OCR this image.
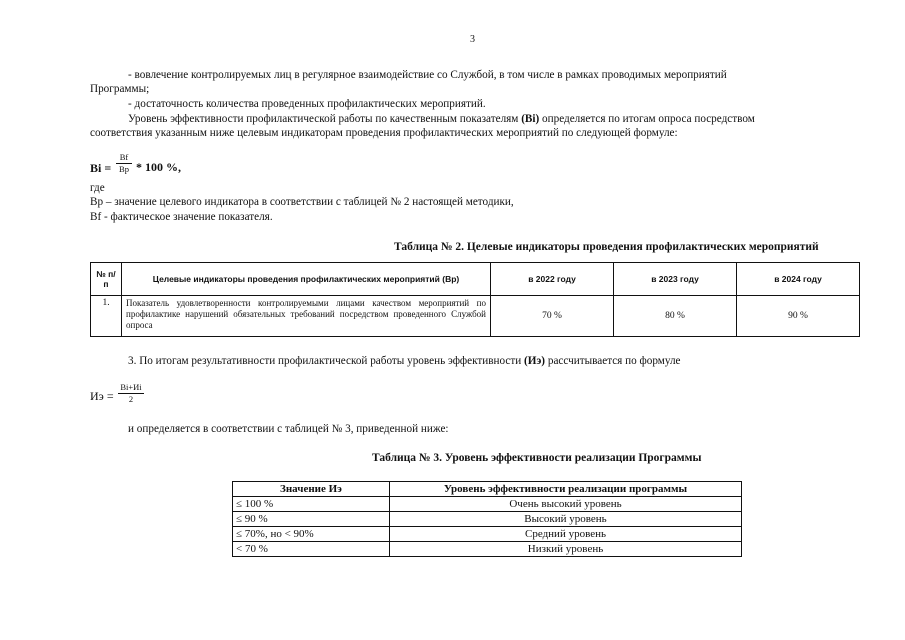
3
- вовлечение контролируемых лиц в регулярное взаимодействие со Службой, в том числе в рамках проводимых мероприятий
Программы;
- достаточность количества проведенных профилактических мероприятий.
Уровень эффективности профилактической работы по качественным показателям (Bi) определяется по итогам опроса посредством
соответствия указанным ниже целевым индикаторам проведения профилактических мероприятий по следующей формуле:
Bi =
Bf
Bp * 100 %,
где
Bp – значение целевого индикатора в соответствии с таблицей № 2 настоящей методики,
Bf - фактическое значение показателя.
Таблица № 2. Целевые индикаторы проведения профилактических мероприятий
№ п/п	Целевые индикаторы проведения профилактических мероприятий (Bp)	в 2022 году	в 2023 году	в 2024 году
1.	Показатель удовлетворенности контролируемыми лицами качеством мероприятий по профилактике нарушений обязательных требований посредством проведенного Службой опроса	70 %	80 %	90 %
3. По итогам результативности профилактической работы уровень эффективности (Иэ) рассчитывается по формуле
Иэ =
Bi+Иi
2
и определяется в соответствии с таблицей № 3, приведенной ниже:
Таблица № 3. Уровень эффективности реализации Программы
Значение Иэ	Уровень эффективности реализации программы
≤ 100 %	Очень высокий уровень
≤ 90 %	Высокий уровень
≤ 70%, но < 90%	Средний уровень
< 70 %	Низкий уровень
